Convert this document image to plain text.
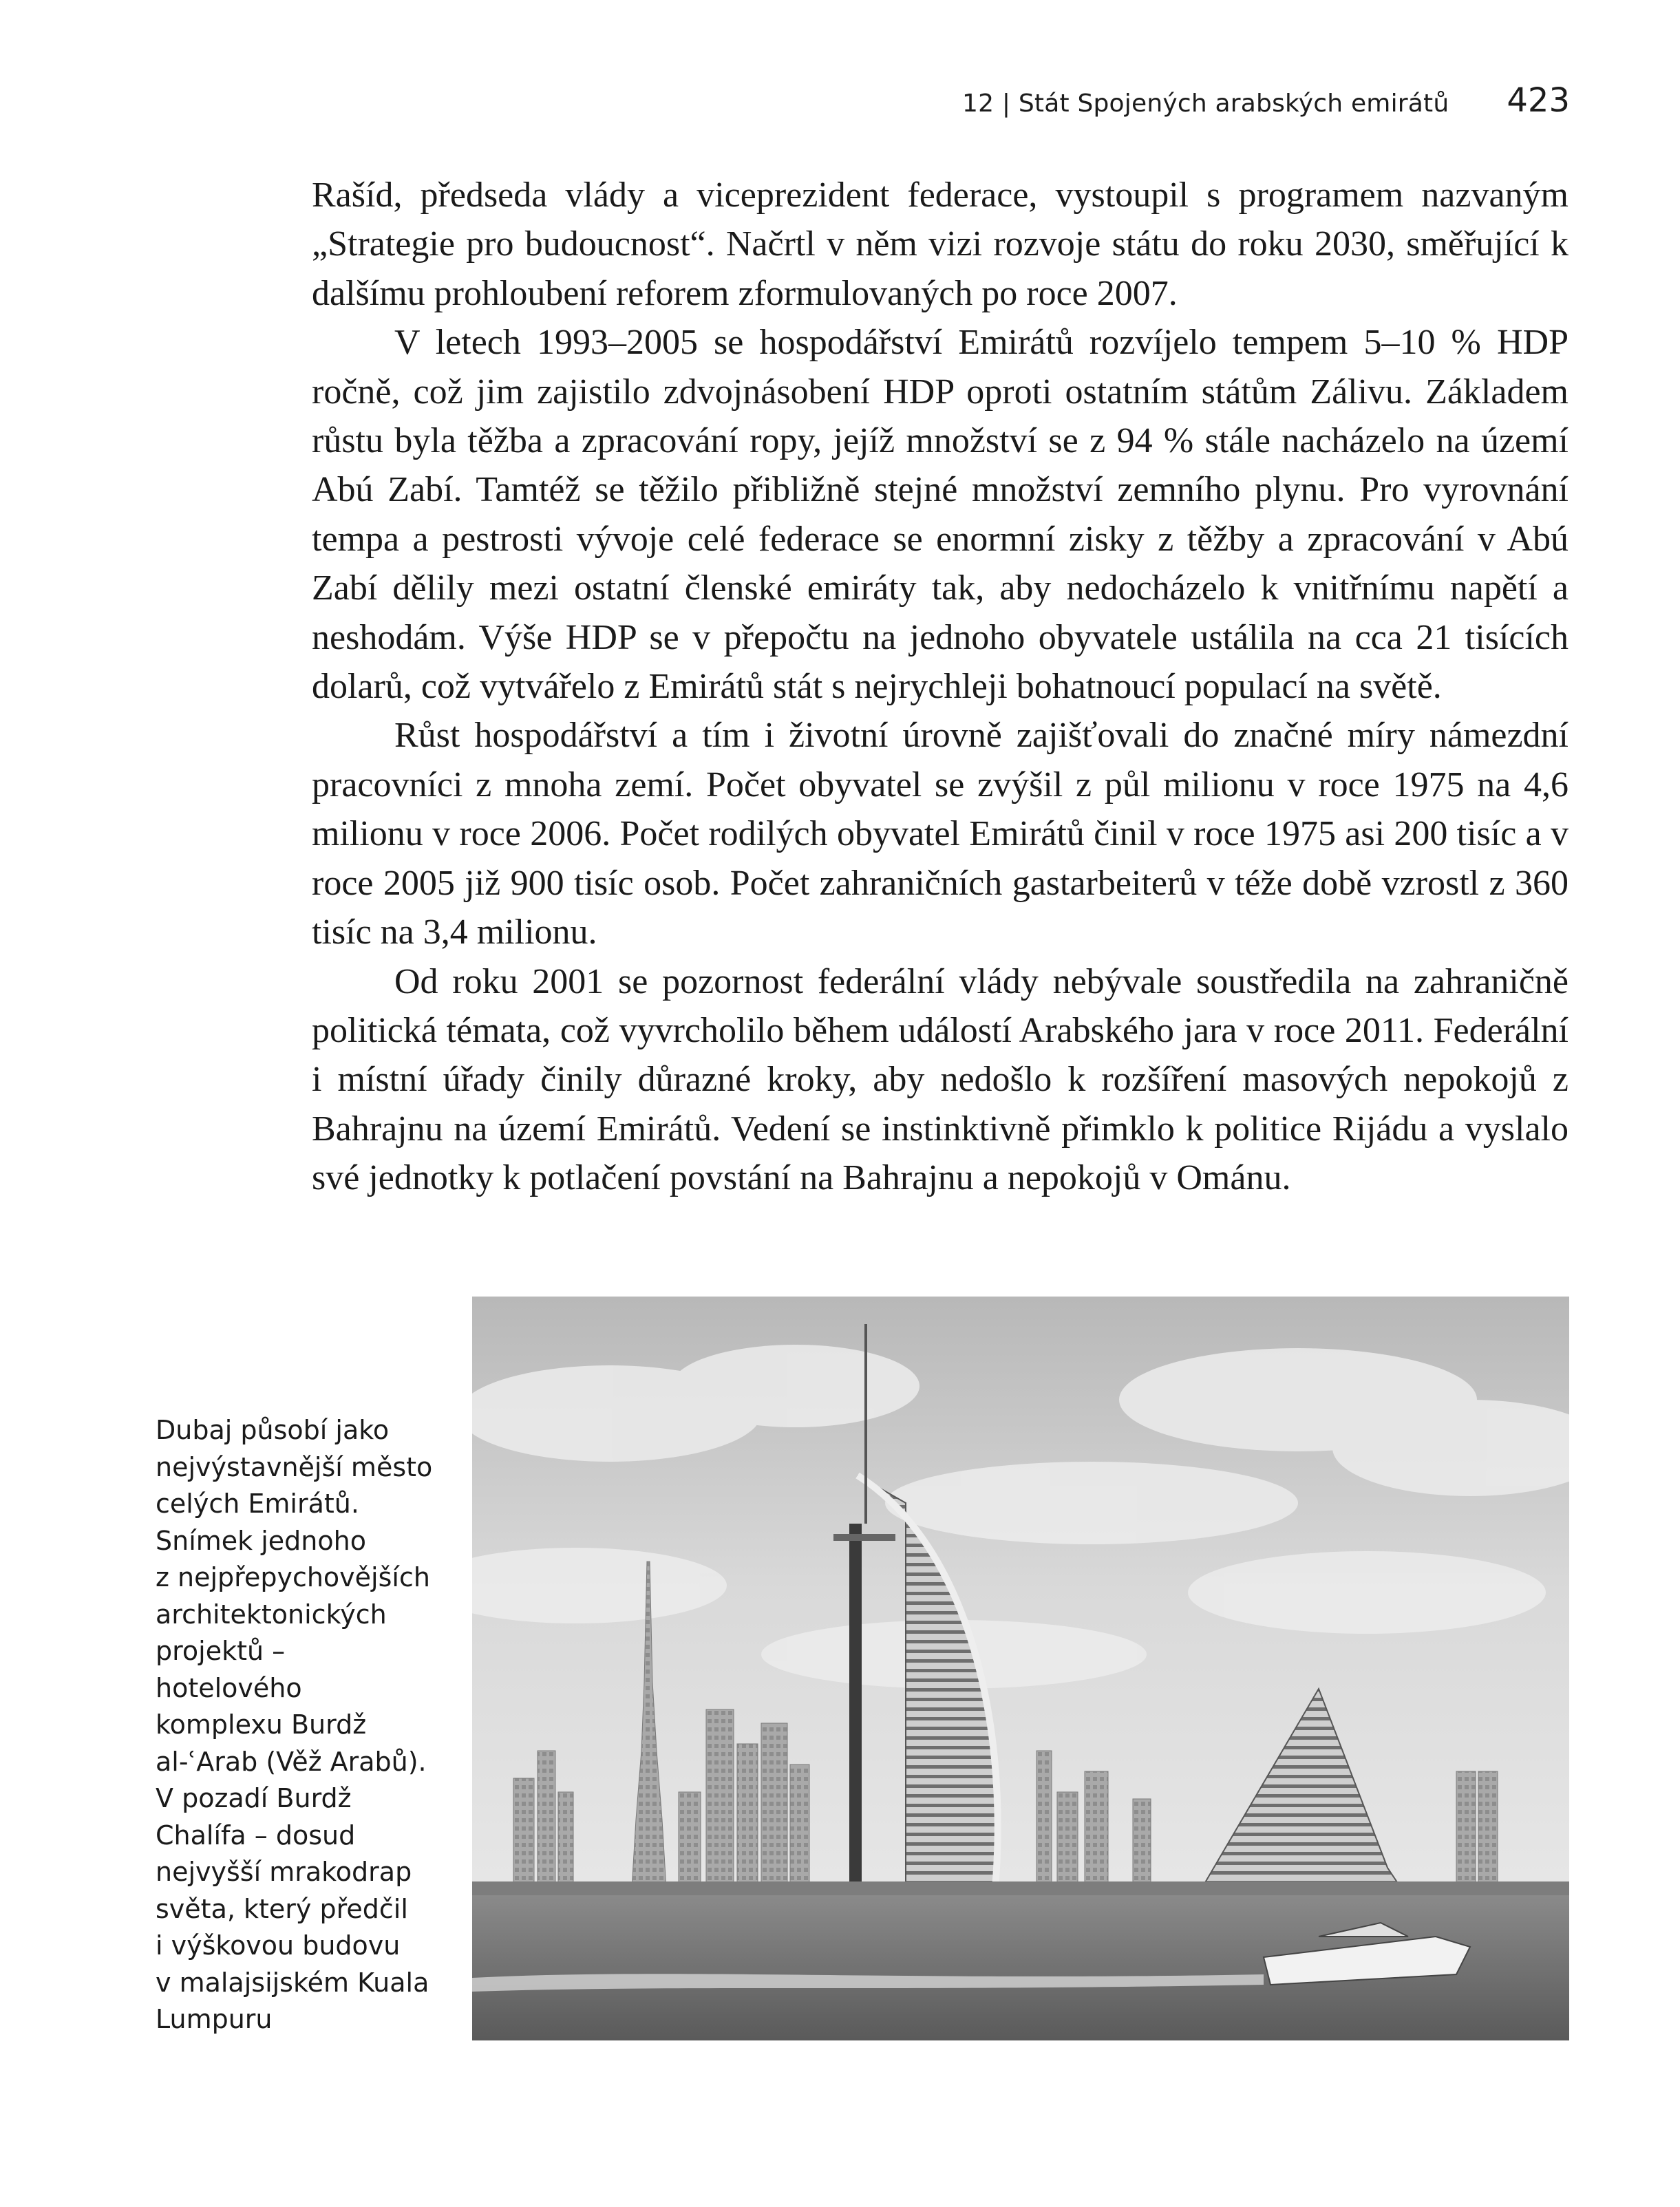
12 | Stát Spojených arabských emirátů 423

Rašíd, předseda vlády a viceprezident federace, vystoupil s programem nazvaným „Strategie pro budoucnost“. Načrtl v něm vizi rozvoje státu do roku 2030, směřující k dalšímu prohloubení reforem zformulovaných po roce 2007.

V letech 1993–2005 se hospodářství Emirátů rozvíjelo tempem 5–10 % HDP ročně, což jim zajistilo zdvojnásobení HDP oproti ostatním státům Zálivu. Základem růstu byla těžba a zpracování ropy, jejíž množství se z 94 % stále nacházelo na území Abú Zabí. Tamtéž se těžilo přibližně stejné množství zemního plynu. Pro vyrovnání tempa a pestrosti vývoje celé federace se enormní zisky z těžby a zpracování v Abú Zabí dělily mezi ostatní členské emiráty tak, aby nedocházelo k vnitřnímu napětí a neshodám. Výše HDP se v přepočtu na jednoho obyvatele ustálila na cca 21 tisících dolarů, což vytvářelo z Emirátů stát s nejrychleji bohatnoucí populací na světě.

Růst hospodářství a tím i životní úrovně zajišťovali do značné míry námezdní pracovníci z mnoha zemí. Počet obyvatel se zvýšil z půl milionu v roce 1975 na 4,6 milionu v roce 2006. Počet rodilých obyvatel Emirátů činil v roce 1975 asi 200 tisíc a v roce 2005 již 900 tisíc osob. Počet zahraničních gastarbeiterů v téže době vzrostl z 360 tisíc na 3,4 milionu.

Od roku 2001 se pozornost federální vlády nebývale soustředila na zahraničně politická témata, což vyvrcholilo během událostí Arabského jara v roce 2011. Federální i místní úřady činily důrazné kroky, aby nedošlo k rozšíření masových nepokojů z Bahrajnu na území Emirátů. Vedení se instinktivně přimklo k politice Rijádu a vyslalo své jednotky k potlačení povstání na Bahrajnu a nepokojů v Ománu.

Dubaj působí jako
nejvýstavnější město
celých Emirátů.
Snímek jednoho
z nejpřepychovějších
architektonických
projektů –
hotelového
komplexu Burdž
al-ʿArab (Věž Arabů).
V pozadí Burdž
Chalífa – dosud
nejvyšší mrakodrap
světa, který předčil
i výškovou budovu
v malajsijském Kuala
Lumpuru
